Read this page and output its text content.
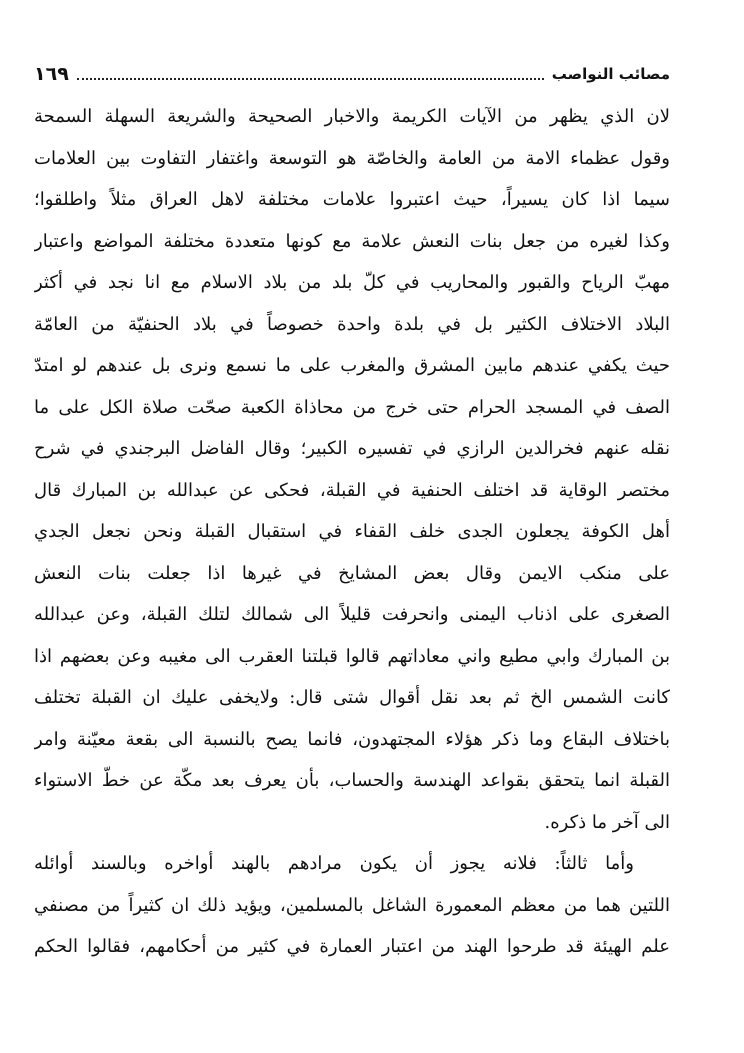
مصائب النواصب
١٦٩
لان الذي يظهر من الآيات الكريمة والاخبار الصحيحة والشريعة السهلة السمحة
وقول عظماء الامة من العامة والخاصّة هو التوسعة واغتفار التفاوت بين العلامات
سيما اذا كان يسيراً، حيث اعتبروا علامات مختلفة لاهل العراق مثلاً واطلقوا؛
وكذا لغيره من جعل بنات النعش علامة مع كونها متعددة مختلفة المواضع واعتبار
مهبّ الرياح والقبور والمحاريب في كلّ بلد من بلاد الاسلام مع انا نجد في أكثر
البلاد الاختلاف الكثير بل في بلدة واحدة خصوصاً في بلاد الحنفيّة من العامّة
حيث يكفي عندهم مابين المشرق والمغرب على ما نسمع ونرى بل عندهم لو امتدّ
الصف في المسجد الحرام حتى خرج من محاذاة الكعبة صحّت صلاة الكل على ما
نقله عنهم فخرالدين الرازي في تفسيره الكبير؛ وقال الفاضل البرجندي في شرح
مختصر الوقاية قد اختلف الحنفية في القبلة، فحكى عن عبدالله بن المبارك قال
أهل الكوفة يجعلون الجدى خلف القفاء في استقبال القبلة ونحن نجعل الجدي
على منكب الايمن وقال بعض المشايخ في غيرها اذا جعلت بنات النعش
الصغرى على اذناب اليمنى وانحرفت قليلاً الى شمالك لتلك القبلة، وعن عبدالله
بن المبارك وابي مطيع واني معاداتهم قالوا قبلتنا العقرب الى مغيبه وعن بعضهم اذا
كانت الشمس الخ ثم بعد نقل أقوال شتى قال: ولايخفى عليك ان القبلة تختلف
باختلاف البقاع وما ذكر هؤلاء المجتهدون، فانما يصح بالنسبة الى بقعة معيّنة وامر
القبلة انما يتحقق بقواعد الهندسة والحساب، بأن يعرف بعد مكّة عن خطّ الاستواء
الى آخر ما ذكره.
وأما ثالثاً: فلانه يجوز أن يكون مرادهم بالهند أواخره وبالسند أوائله
اللتين هما من معظم المعمورة الشاغل بالمسلمين، ويؤيد ذلك ان كثيراً من مصنفي
علم الهيئة قد طرحوا الهند من اعتبار العمارة في كثير من أحكامهم، فقالوا الحكم
